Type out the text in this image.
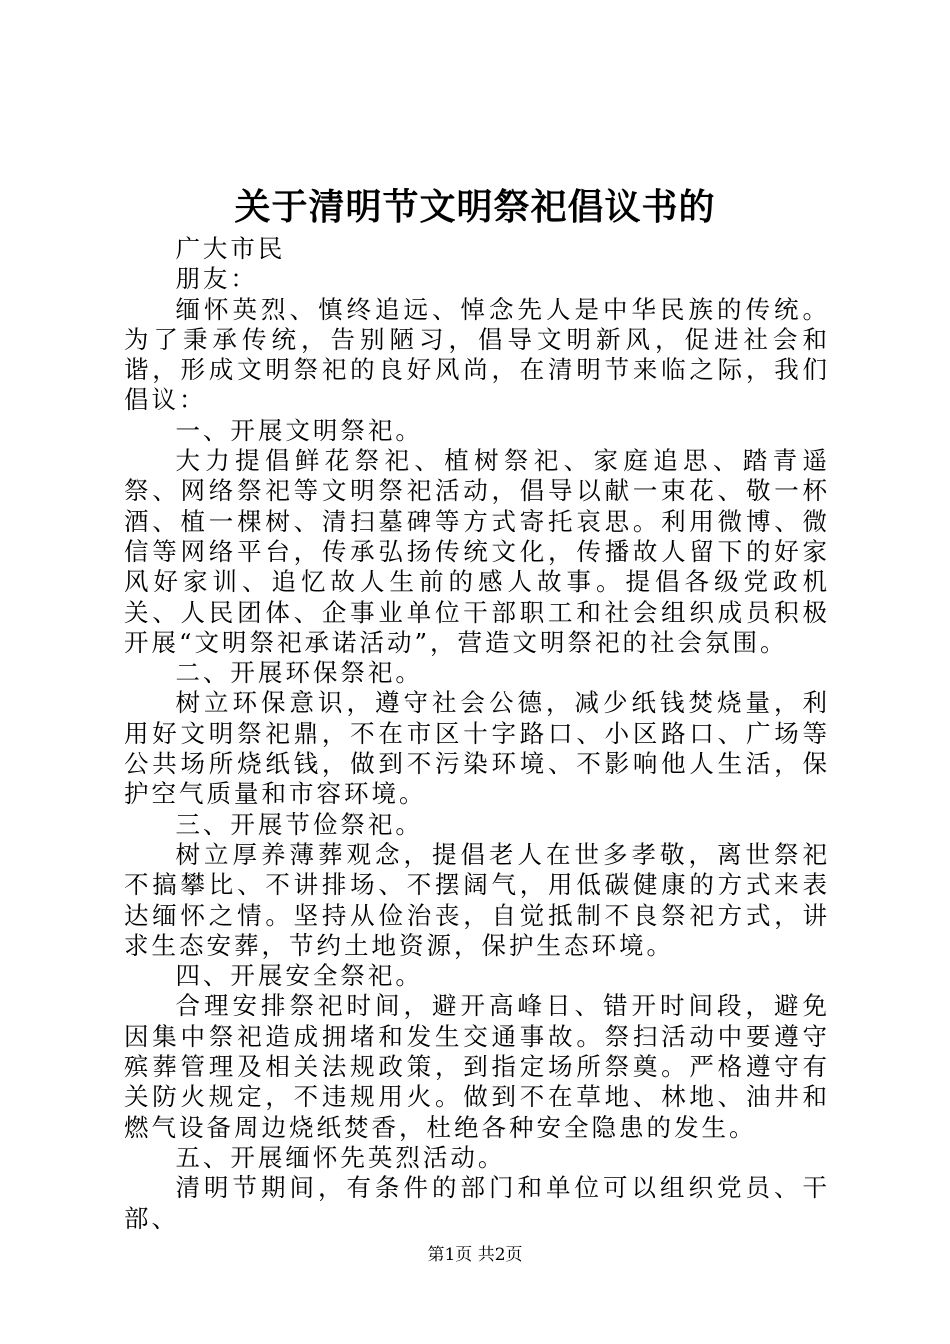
关于清明节文明祭祀倡议书的

广大市民

朋友：

缅怀英烈、慎终追远、悼念先人是中华民族的传统。为了秉承传统，告别陋习，倡导文明新风，促进社会和谐，形成文明祭祀的良好风尚，在清明节来临之际，我们倡议：

一、开展文明祭祀。

大力提倡鲜花祭祀、植树祭祀、家庭追思、踏青遥祭、网络祭祀等文明祭祀活动，倡导以献一束花、敬一杯酒、植一棵树、清扫墓碑等方式寄托哀思。利用微博、微信等网络平台，传承弘扬传统文化，传播故人留下的好家风好家训、追忆故人生前的感人故事。提倡各级党政机关、人民团体、企事业单位干部职工和社会组织成员积极开展“文明祭祀承诺活动”，营造文明祭祀的社会氛围。

二、开展环保祭祀。

树立环保意识，遵守社会公德，减少纸钱焚烧量，利用好文明祭祀鼎，不在市区十字路口、小区路口、广场等公共场所烧纸钱，做到不污染环境、不影响他人生活，保护空气质量和市容环境。

三、开展节俭祭祀。

树立厚养薄葬观念，提倡老人在世多孝敬，离世祭祀不搞攀比、不讲排场、不摆阔气，用低碳健康的方式来表达缅怀之情。坚持从俭治丧，自觉抵制不良祭祀方式，讲求生态安葬，节约土地资源，保护生态环境。

四、开展安全祭祀。

合理安排祭祀时间，避开高峰日、错开时间段，避免因集中祭祀造成拥堵和发生交通事故。祭扫活动中要遵守殡葬管理及相关法规政策，到指定场所祭奠。严格遵守有关防火规定，不违规用火。做到不在草地、林地、油井和燃气设备周边烧纸焚香，杜绝各种安全隐患的发生。

五、开展缅怀先英烈活动。

清明节期间，有条件的部门和单位可以组织党员、干部、

第1页 共2页
